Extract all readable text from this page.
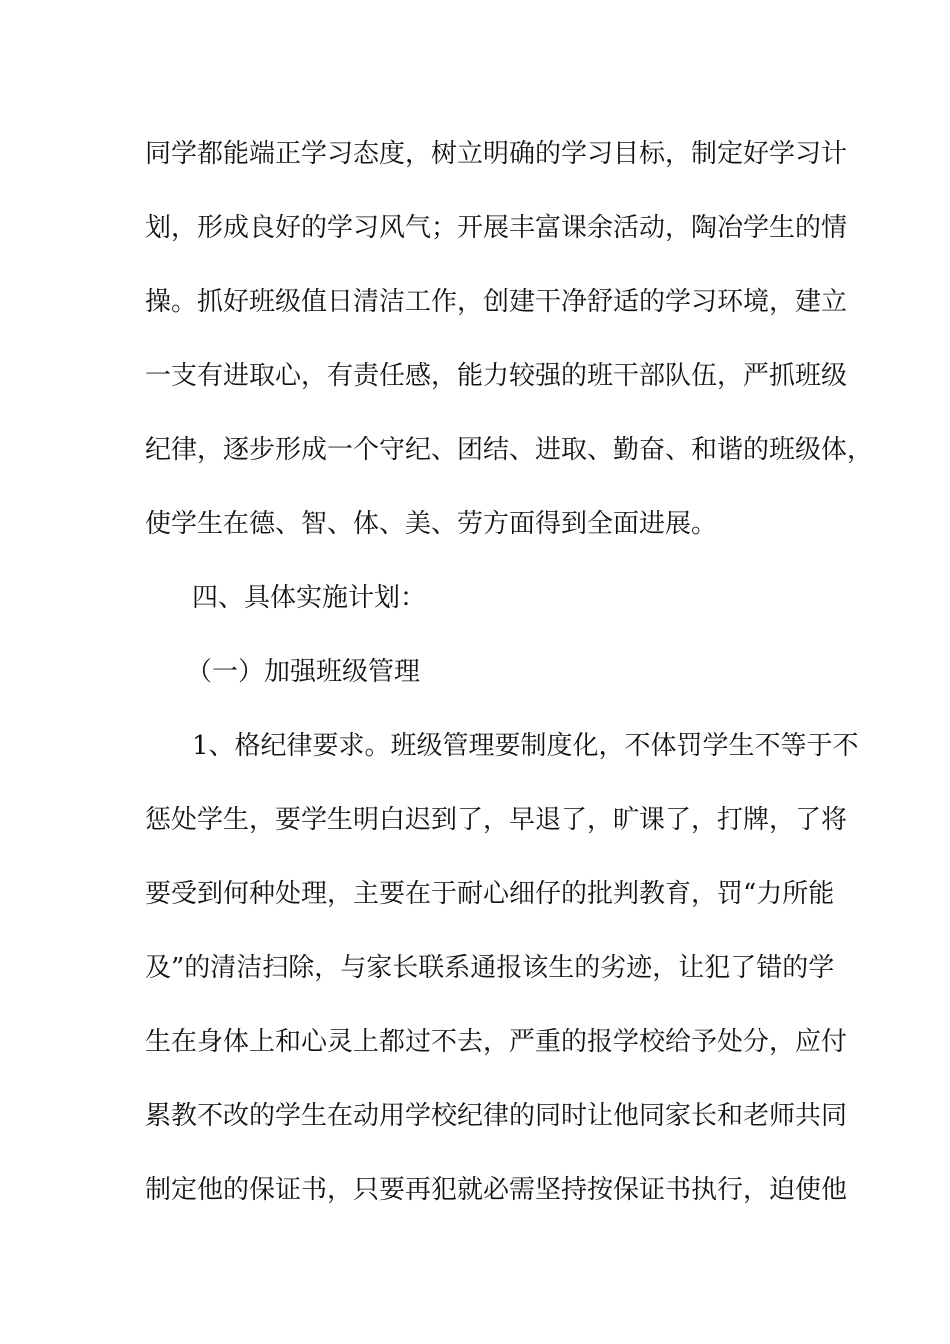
同学都能端正学习态度，树立明确的学习目标，制定好学习计
划，形成良好的学习风气；开展丰富课余活动，陶冶学生的情
操。抓好班级值日清洁工作，创建干净舒适的学习环境，建立
一支有进取心，有责任感，能力较强的班干部队伍，严抓班级
纪律，逐步形成一个守纪、团结、进取、勤奋、和谐的班级体，
使学生在德、智、体、美、劳方面得到全面进展。
四、具体实施计划：
（一）加强班级管理
1、格纪律要求。班级管理要制度化，不体罚学生不等于不
惩处学生，要学生明白迟到了，早退了，旷课了，打牌，了将
要受到何种处理，主要在于耐心细仔的批判教育，罚“力所能
及”的清洁扫除，与家长联系通报该生的劣迹，让犯了错的学
生在身体上和心灵上都过不去，严重的报学校给予处分，应付
累教不改的学生在动用学校纪律的同时让他同家长和老师共同
制定他的保证书，只要再犯就必需坚持按保证书执行，迫使他
